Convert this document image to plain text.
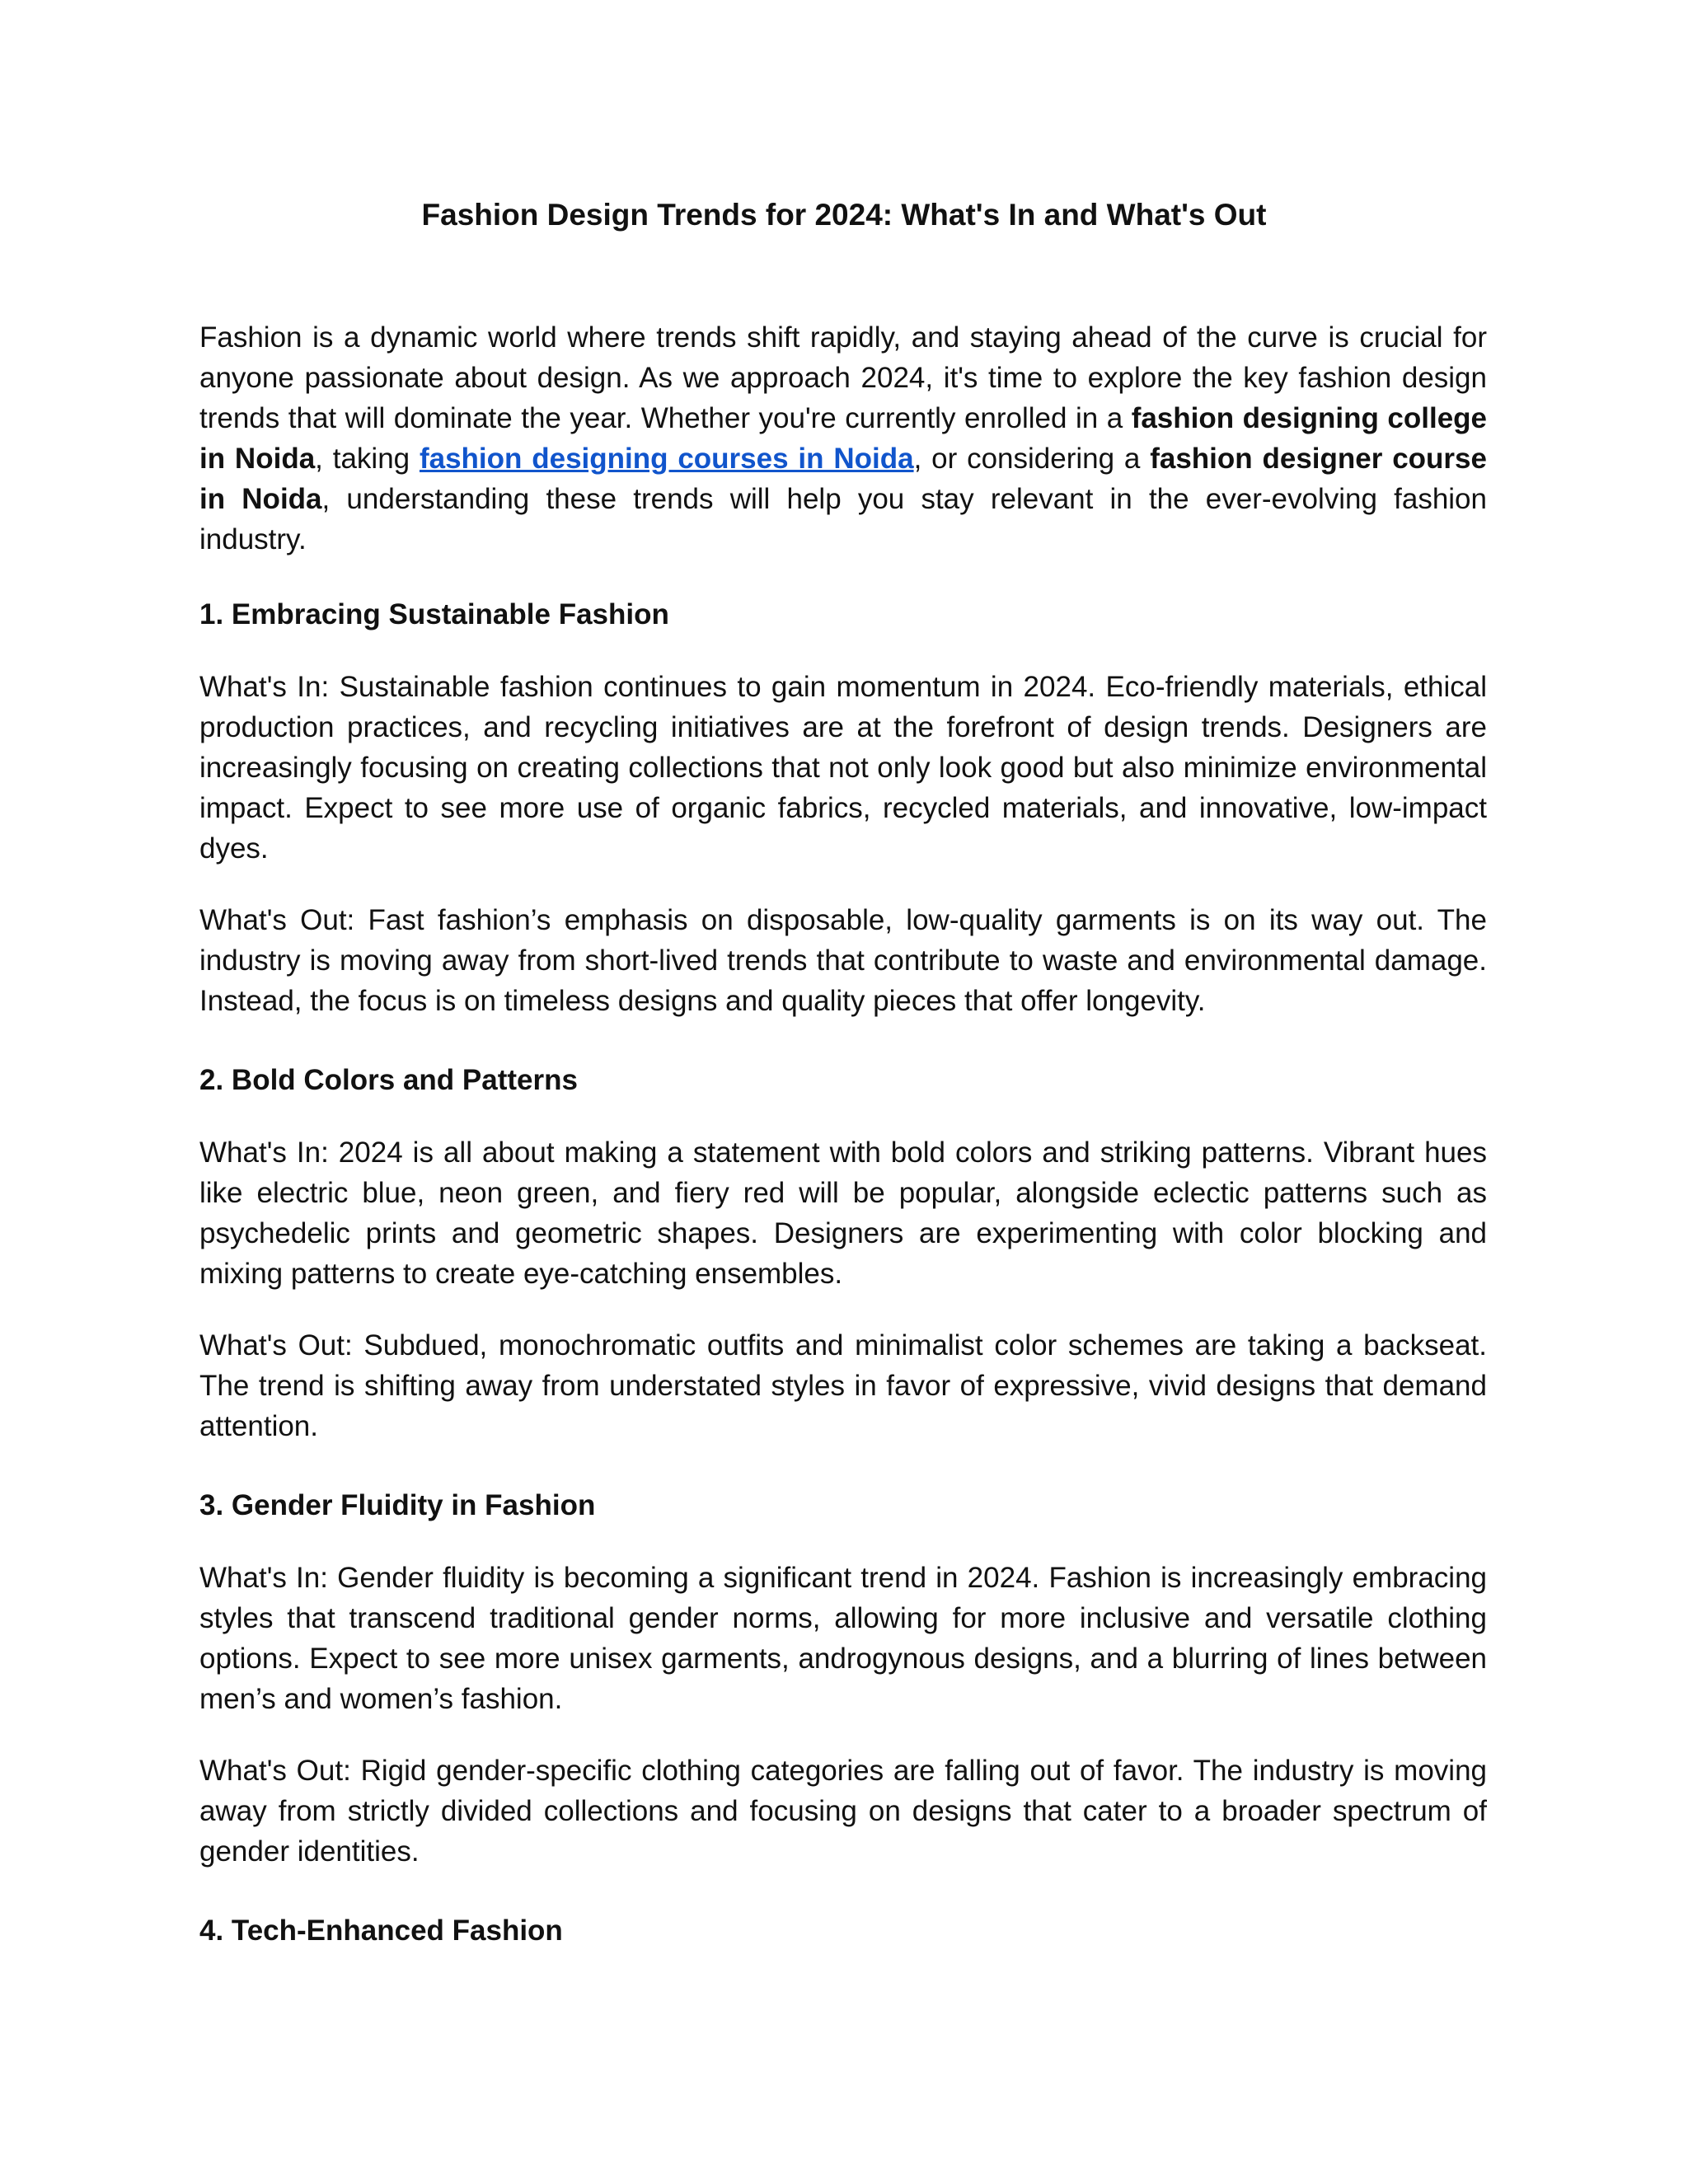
Fashion Design Trends for 2024: What's In and What's Out

Fashion is a dynamic world where trends shift rapidly, and staying ahead of the curve is crucial for anyone passionate about design. As we approach 2024, it's time to explore the key fashion design trends that will dominate the year. Whether you're currently enrolled in a fashion designing college in Noida, taking fashion designing courses in Noida, or considering a fashion designer course in Noida, understanding these trends will help you stay relevant in the ever-evolving fashion industry.

1. Embracing Sustainable Fashion

What's In: Sustainable fashion continues to gain momentum in 2024. Eco-friendly materials, ethical production practices, and recycling initiatives are at the forefront of design trends. Designers are increasingly focusing on creating collections that not only look good but also minimize environmental impact. Expect to see more use of organic fabrics, recycled materials, and innovative, low-impact dyes.

What's Out: Fast fashion’s emphasis on disposable, low-quality garments is on its way out. The industry is moving away from short-lived trends that contribute to waste and environmental damage. Instead, the focus is on timeless designs and quality pieces that offer longevity.

2. Bold Colors and Patterns

What's In: 2024 is all about making a statement with bold colors and striking patterns. Vibrant hues like electric blue, neon green, and fiery red will be popular, alongside eclectic patterns such as psychedelic prints and geometric shapes. Designers are experimenting with color blocking and mixing patterns to create eye-catching ensembles.

What's Out: Subdued, monochromatic outfits and minimalist color schemes are taking a backseat. The trend is shifting away from understated styles in favor of expressive, vivid designs that demand attention.

3. Gender Fluidity in Fashion

What's In: Gender fluidity is becoming a significant trend in 2024. Fashion is increasingly embracing styles that transcend traditional gender norms, allowing for more inclusive and versatile clothing options. Expect to see more unisex garments, androgynous designs, and a blurring of lines between men’s and women’s fashion.

What's Out: Rigid gender-specific clothing categories are falling out of favor. The industry is moving away from strictly divided collections and focusing on designs that cater to a broader spectrum of gender identities.

4. Tech-Enhanced Fashion
